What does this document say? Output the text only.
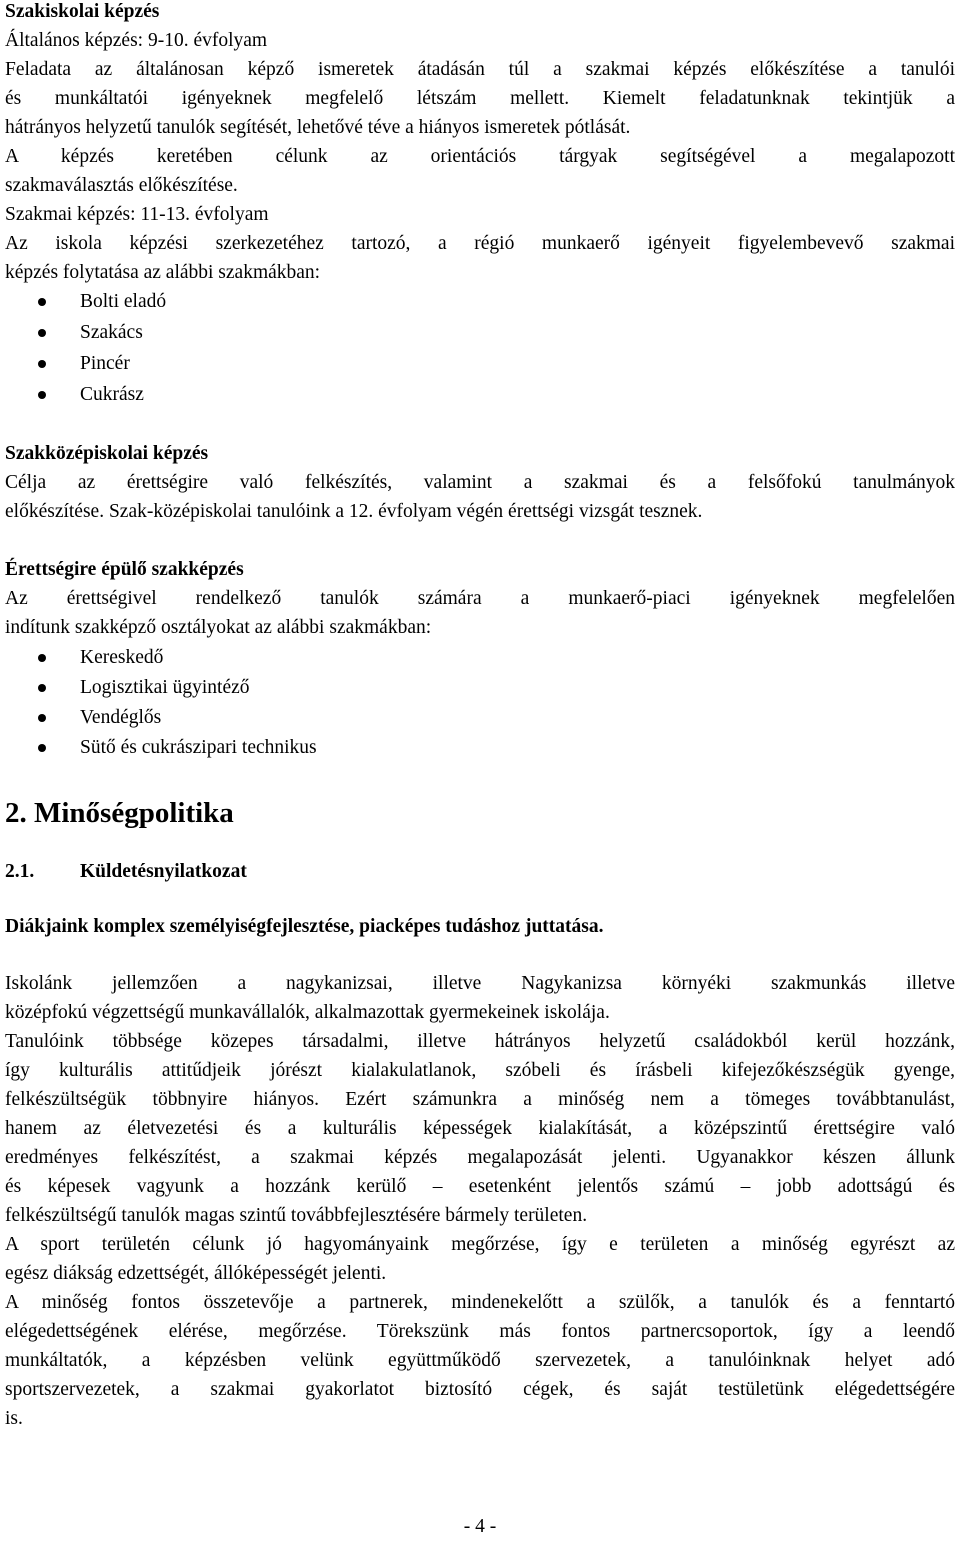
Szakiskolai képzés
Általános képzés: 9-10. évfolyam
Feladata az általánosan képző ismeretek átadásán túl a szakmai képzés előkészítése a tanulói
és munkáltatói igényeknek megfelelő létszám mellett. Kiemelt feladatunknak tekintjük a
hátrányos helyzetű tanulók segítését, lehetővé téve a hiányos ismeretek pótlását.
A képzés keretében célunk az orientációs tárgyak segítségével a megalapozott
szakmaválasztás előkészítése.
Szakmai képzés: 11-13. évfolyam
Az iskola képzési szerkezetéhez tartozó, a régió munkaerő igényeit figyelembevevő szakmai
képzés folytatása az alábbi szakmákban:
Bolti eladó
Szakács
Pincér
Cukrász
Szakközépiskolai képzés
Célja az érettségire való felkészítés, valamint a szakmai és a felsőfokú tanulmányok
előkészítése. Szak-középiskolai tanulóink a 12. évfolyam végén érettségi vizsgát tesznek.
Érettségire épülő szakképzés
Az érettségivel rendelkező tanulók számára a munkaerő-piaci igényeknek megfelelően
indítunk szakképző osztályokat az alábbi szakmákban:
Kereskedő
Logisztikai ügyintéző
Vendéglős
Sütő és cukrászipari technikus
2. Minőségpolitika
2.1. Küldetésnyilatkozat
Diákjaink komplex személyiségfejlesztése, piacképes tudáshoz juttatása.
Iskolánk jellemzően a nagykanizsai, illetve Nagykanizsa környéki szakmunkás illetve
középfokú végzettségű munkavállalók, alkalmazottak gyermekeinek iskolája.
Tanulóink többsége közepes társadalmi, illetve hátrányos helyzetű családokból kerül hozzánk,
így kulturális attitűdjeik jórészt kialakulatlanok, szóbeli és írásbeli kifejezőkészségük gyenge,
felkészültségük többnyire hiányos. Ezért számunkra a minőség nem a tömeges továbbtanulást,
hanem az életvezetési és a kulturális képességek kialakítását, a középszintű érettségire való
eredményes felkészítést, a szakmai képzés megalapozását jelenti. Ugyanakkor készen állunk
és képesek vagyunk a hozzánk kerülő – esetenként jelentős számú – jobb adottságú és
felkészültségű tanulók magas szintű továbbfejlesztésére bármely területen.
A sport területén célunk jó hagyományaink megőrzése, így e területen a minőség egyrészt az
egész diákság edzettségét, állóképességét jelenti.
A minőség fontos összetevője a partnerek, mindenekelőtt a szülők, a tanulók és a fenntartó
elégedettségének elérése, megőrzése. Törekszünk más fontos partnercsoportok, így a leendő
munkáltatók, a képzésben velünk együttműködő szervezetek, a tanulóinknak helyet adó
sportszervezetek, a szakmai gyakorlatot biztosító cégek, és saját testületünk elégedettségére
is.
- 4 -
